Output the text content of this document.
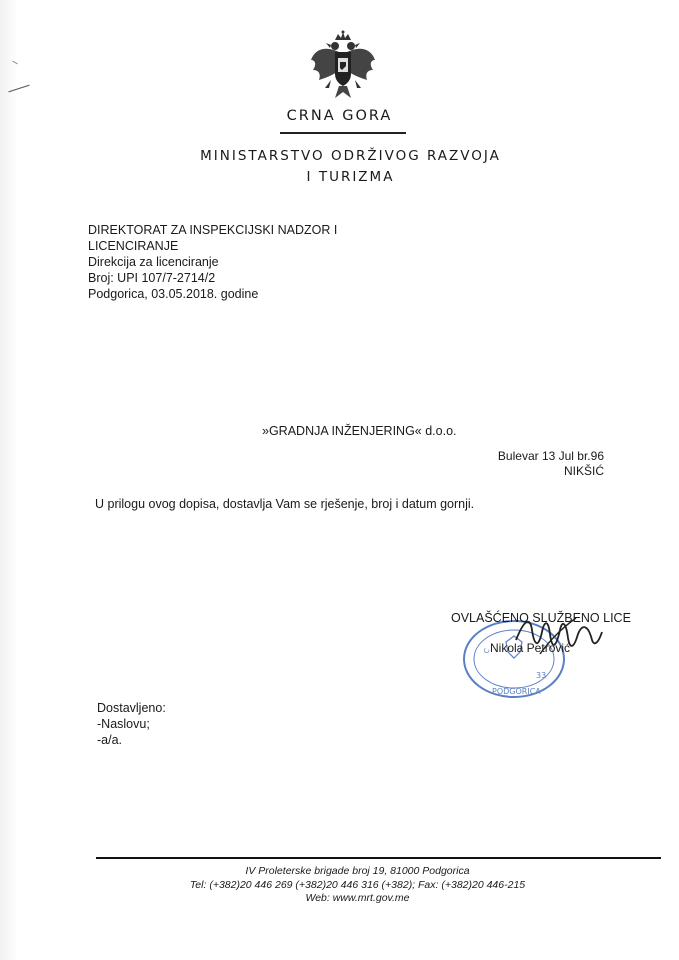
CRNA GORA
MINISTARSTVO ODRŽIVOG RAZVOJA
I TURIZMA
DIREKTORAT ZA INSPEKCIJSKI NADZOR I
LICENCIRANJE
Direkcija za licenciranje
Broj: UPI 107/7-2714/2
Podgorica, 03.05.2018. godine
»GRADNJA INŽENJERING« d.o.o.
Bulevar 13 Jul br.96
NIKŠIĆ
U prilogu ovog dopisa, dostavlja Vam se rješenje, broj i datum gornji.
C
33
PODGORICA
OVLAŠĆENO SLUŽBENO LICE
Nikola Petrović
Dostavljeno:
-Naslovu;
-a/a.
IV Proleterske brigade broj 19, 81000 Podgorica
Tel: (+382)20 446 269 (+382)20 446 316 (+382); Fax: (+382)20 446-215
Web: www.mrt.gov.me
